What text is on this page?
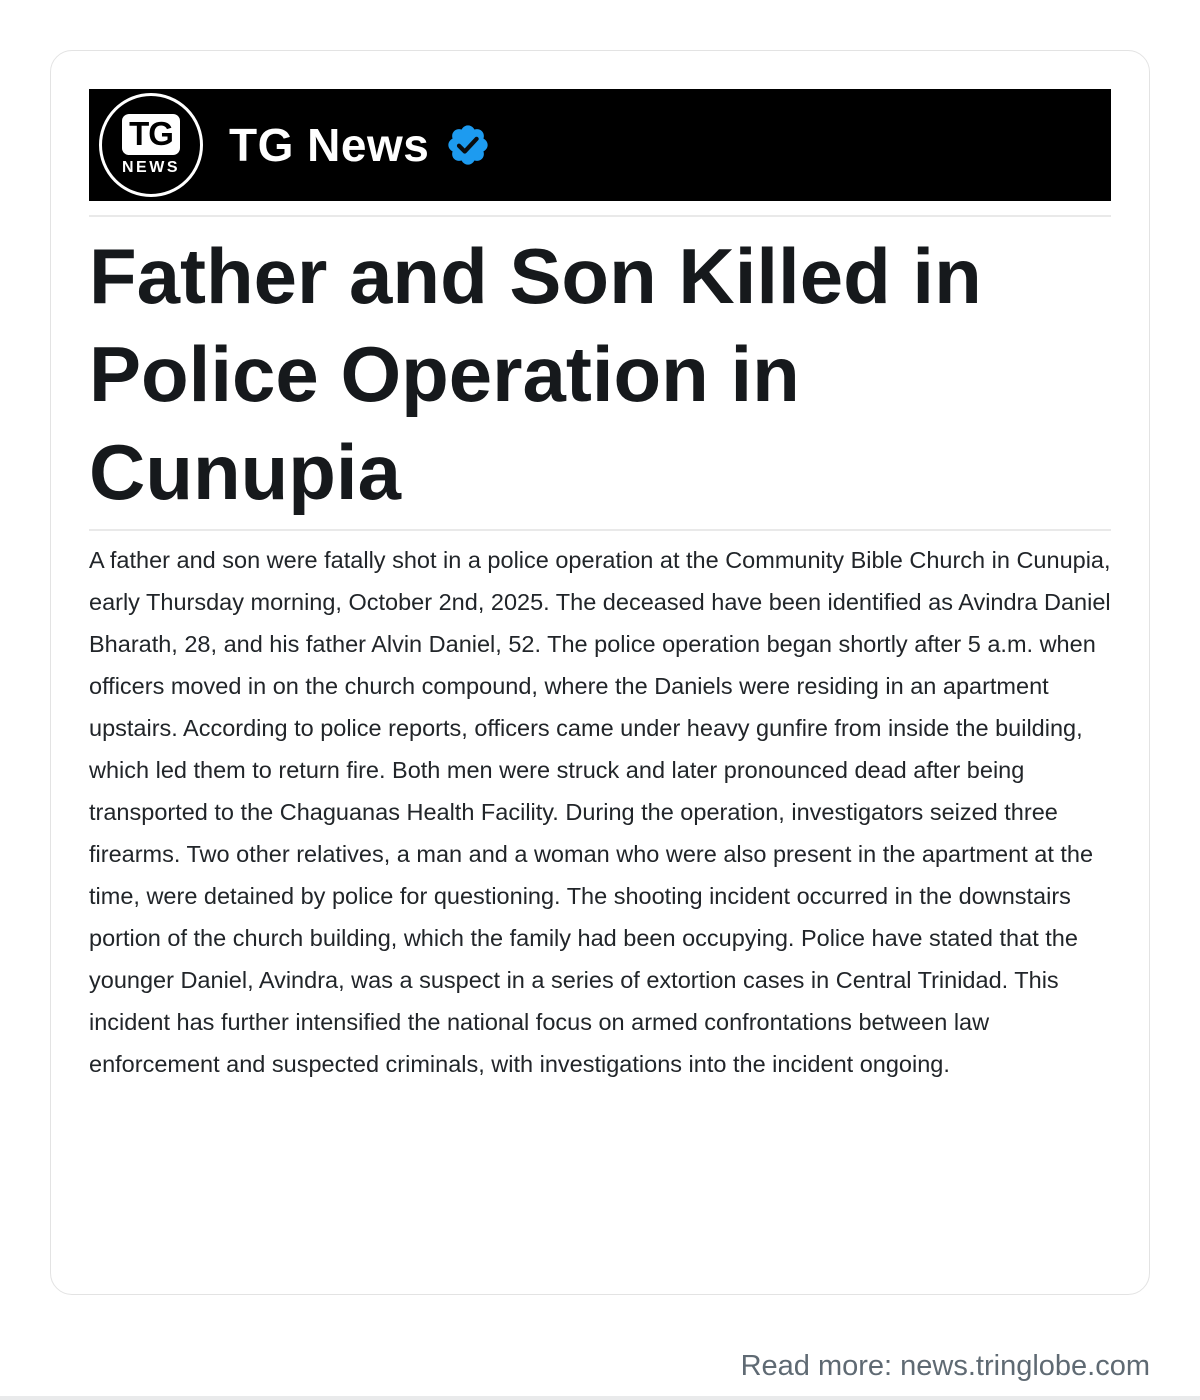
TG
NEWS TG News
Father and Son Killed in Police Operation in Cunupia

A father and son were fatally shot in a police operation at the Community Bible Church in Cunupia, early Thursday morning, October 2nd, 2025. The deceased have been identified as Avindra Daniel Bharath, 28, and his father Alvin Daniel, 52. The police operation began shortly after 5 a.m. when officers moved in on the church compound, where the Daniels were residing in an apartment upstairs. According to police reports, officers came under heavy gunfire from inside the building, which led them to return fire. Both men were struck and later pronounced dead after being transported to the Chaguanas Health Facility. During the operation, investigators seized three firearms. Two other relatives, a man and a woman who were also present in the apartment at the time, were detained by police for questioning. The shooting incident occurred in the downstairs portion of the church building, which the family had been occupying. Police have stated that the younger Daniel, Avindra, was a suspect in a series of extortion cases in Central Trinidad. This incident has further intensified the national focus on armed confrontations between law enforcement and suspected criminals, with investigations into the incident ongoing.

Read more: news.tringlobe.com
